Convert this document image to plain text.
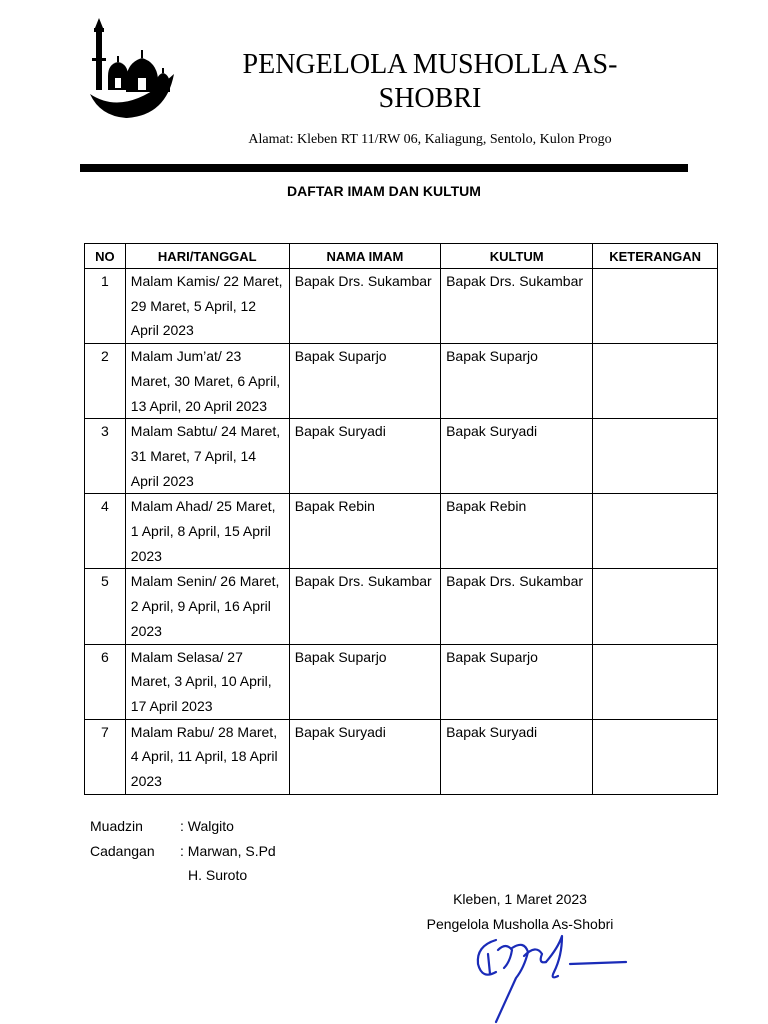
PENGELOLA MUSHOLLA AS-SHOBRI
Alamat: Kleben RT 11/RW 06, Kaliagung, Sentolo, Kulon Progo
DAFTAR IMAM DAN KULTUM
NO	HARI/TANGGAL	NAMA IMAM	KULTUM	KETERANGAN
1	Malam Kamis/ 22 Maret, 29 Maret, 5 April, 12 April 2023	Bapak Drs. Sukambar	Bapak Drs. Sukambar	
2	Malam Jum’at/ 23 Maret, 30 Maret, 6 April, 13 April, 20 April 2023	Bapak Suparjo	Bapak Suparjo	
3	Malam Sabtu/ 24 Maret, 31 Maret, 7 April, 14 April 2023	Bapak Suryadi	Bapak Suryadi	
4	Malam Ahad/ 25 Maret, 1 April, 8 April, 15 April 2023	Bapak Rebin	Bapak Rebin	
5	Malam Senin/ 26 Maret, 2 April, 9 April, 16 April 2023	Bapak Drs. Sukambar	Bapak Drs. Sukambar	
6	Malam Selasa/ 27 Maret, 3 April, 10 April, 17 April 2023	Bapak Suparjo	Bapak Suparjo	
7	Malam Rabu/ 28 Maret, 4 April, 11 April, 18 April 2023	Bapak Suryadi	Bapak Suryadi	
Muadzin	: Walgito
Cadangan	: Marwan, S.Pd
H. Suroto
Kleben, 1 Maret 2023
Pengelola Musholla As-Shobri
